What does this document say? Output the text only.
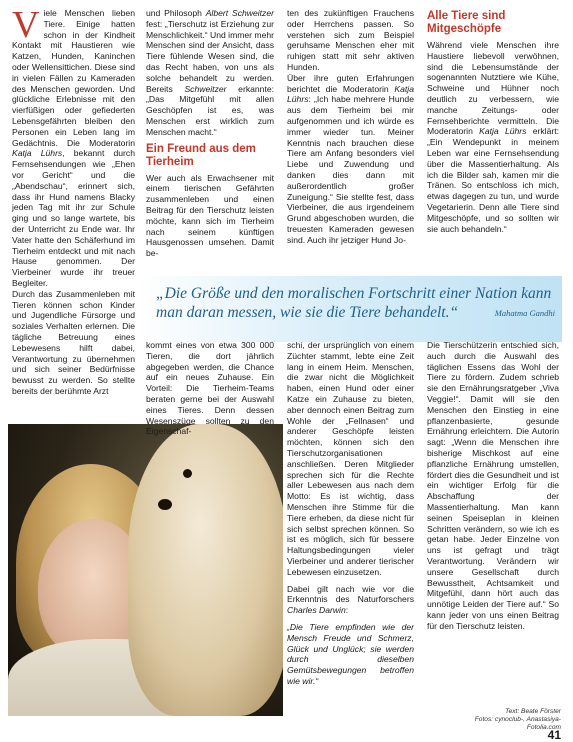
V iele Menschen lieben Tiere. Einige hatten schon in der Kindheit Kontakt mit Haustieren wie Katzen, Hunden, Kaninchen oder Wellensittichen. Diese sind in vielen Fällen zu Kameraden des Menschen geworden. Und glückliche Erlebnisse mit den vierfüßigen oder gefiederten Lebensgefährten bleiben den Personen ein Leben lang im Gedächtnis. Die Moderatorin Katja Lührs, bekannt durch Fernsehsendungen wie „Ehen vor Gericht“ und die „Abendschau“, erinnert sich, dass ihr Hund namens Blacky jeden Tag mit ihr zur Schule ging und so lange wartete, bis der Unterricht zu Ende war. Ihr Vater hatte den Schäferhund im Tierheim entdeckt und mit nach Hause genommen. Der Vierbeiner wurde ihr treuer Begleiter.

Durch das Zusammenleben mit Tieren können schon Kinder und Jugendliche Fürsorge und soziales Verhalten erlernen. Die tägliche Betreuung eines Lebewesens hilft dabei, Verantwortung zu übernehmen und sich seiner Bedürfnisse bewusst zu werden. So stellte bereits der berühmte Arzt

und Philosoph Albert Schweitzer fest: „Tierschutz ist Erziehung zur Menschlichkeit.“ Und immer mehr Menschen sind der Ansicht, dass Tiere fühlende Wesen sind, die das Recht haben, von uns als solche behandelt zu werden. Bereits Schweitzer erkannte: „Das Mitgefühl mit allen Geschöpfen ist es, was Menschen erst wirklich zum Menschen macht.“

Ein Freund aus dem Tierheim

Wer auch als Erwachsener mit einem tierischen Gefährten zusammenleben und einen Beitrag für den Tierschutz leisten möchte, kann sich im Tierheim nach seinem künftigen Hausgenossen umsehen. Damit be-

ten des zukünftigen Frauchens oder Herrchens passen. So verstehen sich zum Beispiel geruhsame Menschen eher mit ruhigen statt mit sehr aktiven Hunden.

Über ihre guten Erfahrungen berichtet die Moderatorin Katja Lührs: „Ich habe mehrere Hunde aus dem Tierheim bei mir aufgenommen und ich würde es immer wieder tun. Meiner Kenntnis nach brauchen diese Tiere am Anfang besonders viel Liebe und Zuwendung und danken dies dann mit außerordentlich großer Zuneigung.“ Sie stellte fest, dass Vierbeiner, die aus irgendeinem Grund abgeschoben wurden, die treuesten Kameraden gewesen sind. Auch ihr jetziger Hund Jo-

Alle Tiere sind Mitgeschöpfe

Während viele Menschen ihre Haustiere liebevoll verwöhnen, sind die Lebensumstände der sogenannten Nutztiere wie Kühe, Schweine und Hühner noch deutlich zu verbessern, wie manche Zeitungs- oder Fernsehberichte vermitteln. Die Moderatorin Katja Lührs erklärt: „Ein Wendepunkt in meinem Leben war eine Fernsehsendung über die Massentierhaltung. Als ich die Bilder sah, kamen mir die Tränen. So entschloss ich mich, etwas dagegen zu tun, und wurde Vegetarierin. Denn alle Tiere sind Mitgeschöpfe, und so sollten wir sie auch behandeln.“

„Die Größe und den moralischen Fortschritt einer Nation kann man daran messen, wie sie die Tiere behandelt.“	Mahatma Gandhi

kommt eines von etwa 300 000 Tieren, die dort jährlich abgegeben werden, die Chance auf ein neues Zuhause. Ein Vorteil: Die Tierheim-Teams beraten gerne bei der Auswahl eines Tieres. Denn dessen Wesenszüge sollten zu den Eigenschaf-

schi, der ursprünglich von einem Züchter stammt, lebte eine Zeit lang in einem Heim. Menschen, die zwar nicht die Möglichkeit haben, einen Hund oder einer Katze ein Zuhause zu bieten, aber dennoch einen Beitrag zum Wohle der „Fellnasen“ und anderer Geschöpfe leisten möchten, können sich den Tierschutzorganisationen anschließen. Deren Mitglieder sprechen sich für die Rechte aller Lebewesen aus nach dem Motto: Es ist wichtig, dass Menschen ihre Stimme für die Tiere erheben, da diese nicht für sich selbst sprechen können. So ist es möglich, sich für bessere Haltungsbedingungen vieler Vierbeiner und anderer tierischer Lebewesen einzusetzen.

Dabei gilt nach wie vor die Erkenntnis des Naturforschers Charles Darwin:

„Die Tiere empfinden wie der Mensch Freude und Schmerz, Glück und Unglück; sie werden durch dieselben Gemütsbewegungen betroffen wie wir.“

Die Tierschützerin entschied sich, auch durch die Auswahl des täglichen Essens das Wohl der Tiere zu fördern. Zudem schrieb sie den Ernährungsratgeber „Viva Veggie!“. Damit will sie den Menschen den Einstieg in eine pflanzenbasierte, gesunde Ernährung erleichtern. Die Autorin sagt: „Wenn die Menschen ihre bisherige Mischkost auf eine pflanzliche Ernährung umstellen, fördert dies die Gesundheit und ist ein wichtiger Erfolg für die Abschaffung der Massentierhaltung. Man kann seinen Speiseplan in kleinen Schritten verändern, so wie ich es getan habe. Jeder Einzelne von uns ist gefragt und trägt Verantwortung. Verändern wir unsere Gesellschaft durch Bewusstheit, Achtsamkeit und Mitgefühl, dann hört auch das unnötige Leiden der Tiere auf.“ So kann jeder von uns einen Beitrag für den Tierschutz leisten.

Text: Beate Förster
Fotos: cynoclub-, Anastasiya-
Fotolia.com
41
